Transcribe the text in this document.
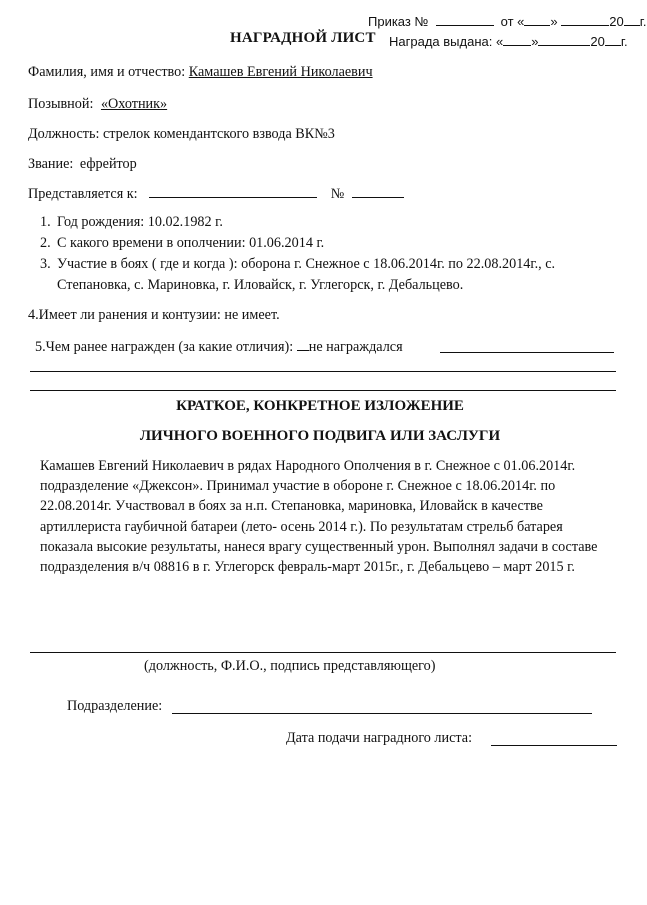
Приказ №	от « »	20 г.
НАГРАДНОЙ ЛИСТ Награда выдана: « »	20 г.
Фамилия, имя и отчество: Камашев Евгений Николаевич
Позывной: «Охотник»
Должность: стрелок комендантского взвода ВК№3
Звание: ефрейтор
Представляется к:	№
1. Год рождения: 10.02.1982 г.
2. С какого времени в ополчении: 01.06.2014 г.
3. Участие в боях ( где и когда ): оборона г. Снежное с 18.06.2014г. по 22.08.2014г., с.
Степановка, с. Мариновка, г. Иловайск, г. Углегорск, г. Дебальцево.
4.Имеет ли ранения и контузии: не имеет.
5.Чем ранее награжден (за какие отличия): не награждался
КРАТКОЕ, КОНКРЕТНОЕ ИЗЛОЖЕНИЕ
ЛИЧНОГО ВОЕННОГО ПОДВИГА ИЛИ ЗАСЛУГИ
Камашев Евгений Николаевич в рядах Народного Ополчения в г. Снежное с 01.06.2014г. подразделение «Джексон». Принимал участие в обороне г. Снежное с 18.06.2014г. по 22.08.2014г. Участвовал в боях за н.п. Степановка, мариновка, Иловайск в качестве артиллериста гаубичной батареи (лето- осень 2014 г.). По результатам стрельб батарея показала высокие результаты, нанеся врагу существенный урон. Выполнял задачи в составе подразделения в/ч 08816 в г. Углегорск февраль-март 2015г., г. Дебальцево – март 2015 г.
(должность, Ф.И.О., подпись представляющего)
Подразделение:
Дата подачи наградного листа:
